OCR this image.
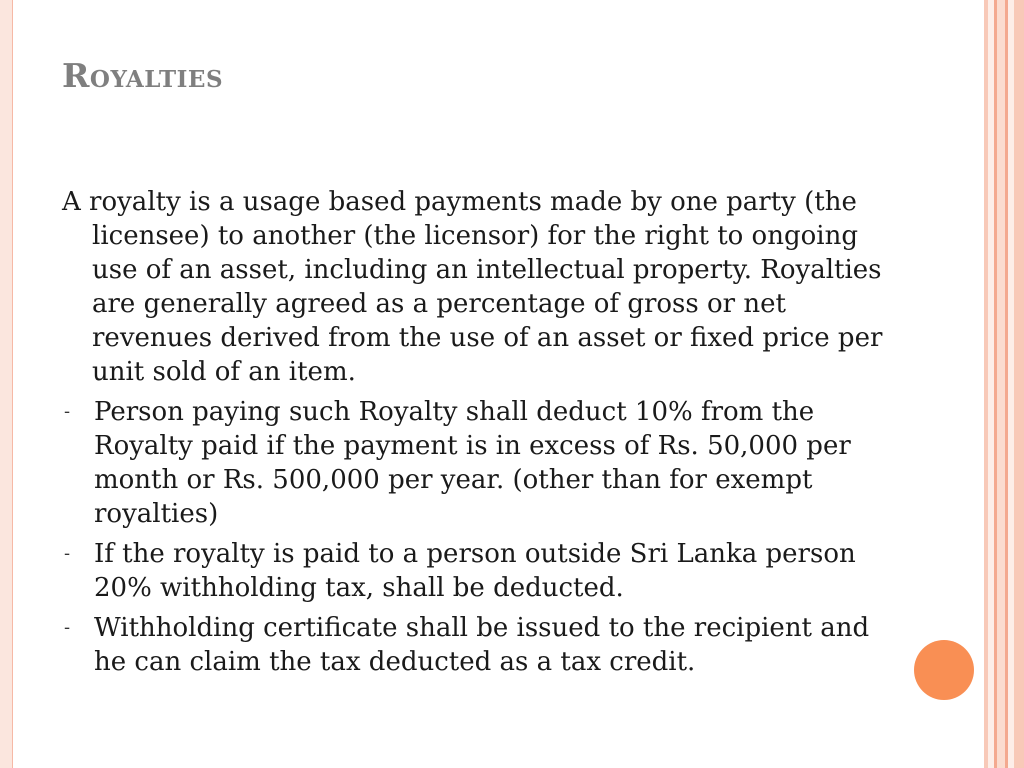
Royalties

A royalty is a usage based payments made by one party (the licensee) to another (the licensor) for the right to ongoing use of an asset, including an intellectual property. Royalties are generally agreed as a percentage of gross or net revenues derived from the use of an asset or fixed price per unit sold of an item.

- Person paying such Royalty shall deduct 10% from the Royalty paid if the payment is in excess of Rs. 50,000 per month or Rs. 500,000 per year. (other than for exempt royalties)
- If the royalty is paid to a person outside Sri Lanka person 20% withholding tax, shall be deducted.
- Withholding certificate shall be issued to the recipient and he can claim the tax deducted as a tax credit.
